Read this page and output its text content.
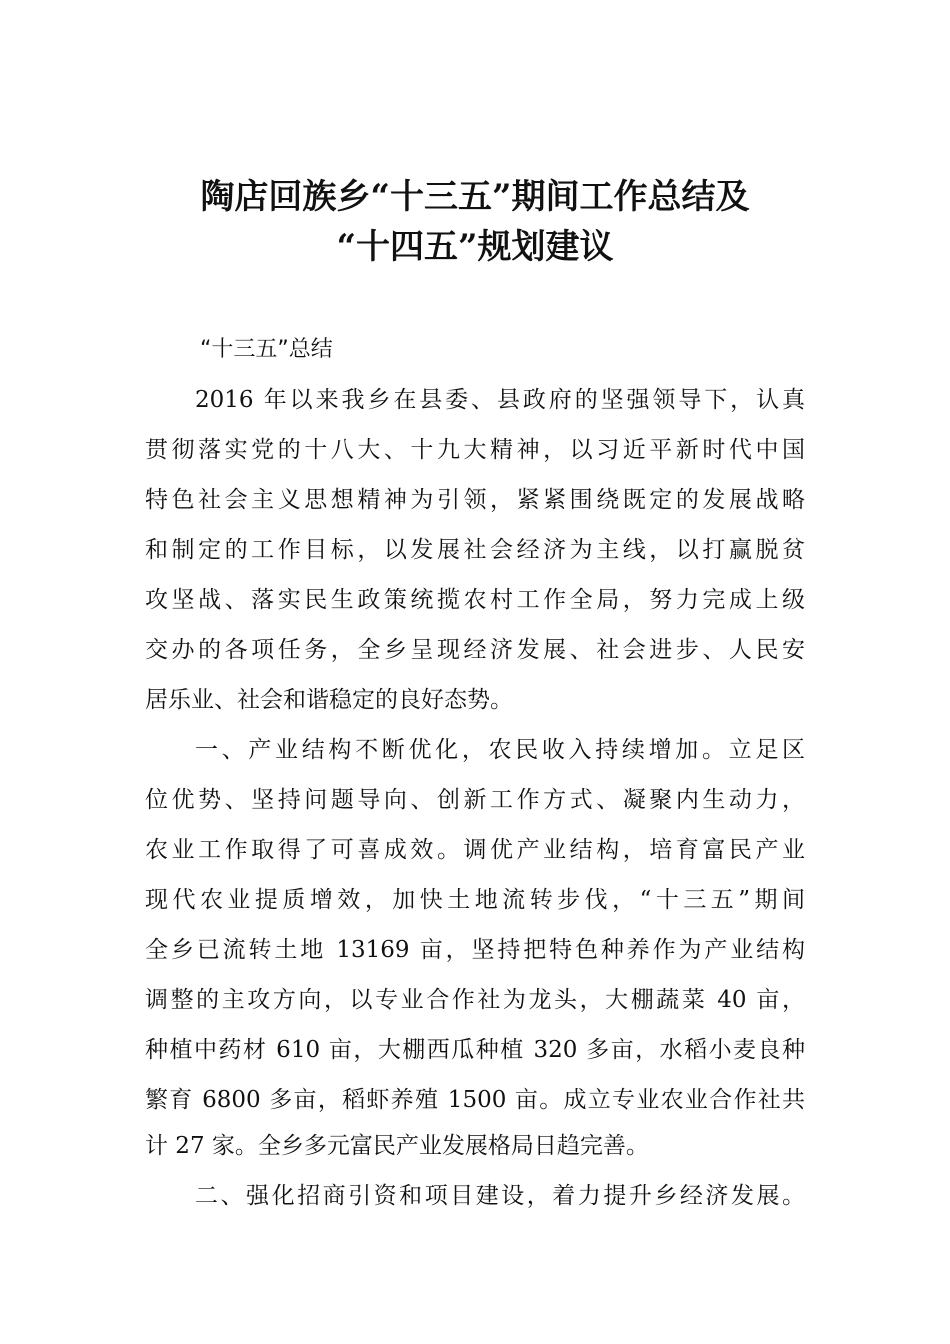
陶店回族乡“十三五”期间工作总结及
“十四五”规划建议
“十三五”总结
2016 年以来我乡在县委、县政府的坚强领导下，认真
贯彻落实党的十八大、十九大精神，以习近平新时代中国
特色社会主义思想精神为引领，紧紧围绕既定的发展战略
和制定的工作目标，以发展社会经济为主线，以打赢脱贫
攻坚战、落实民生政策统揽农村工作全局，努力完成上级
交办的各项任务，全乡呈现经济发展、社会进步、人民安
居乐业、社会和谐稳定的良好态势。
一、产业结构不断优化，农民收入持续增加。立足区
位优势、坚持问题导向、创新工作方式、凝聚内生动力，
农业工作取得了可喜成效。调优产业结构，培育富民产业
现代农业提质增效，加快土地流转步伐，“十三五”期间
全乡已流转土地 13169 亩，坚持把特色种养作为产业结构
调整的主攻方向，以专业合作社为龙头，大棚蔬菜 40 亩，
种植中药材 610 亩，大棚西瓜种植 320 多亩，水稻小麦良种
繁育 6800 多亩，稻虾养殖 1500 亩。成立专业农业合作社共
计 27 家。全乡多元富民产业发展格局日趋完善。
二、强化招商引资和项目建设，着力提升乡经济发展。
